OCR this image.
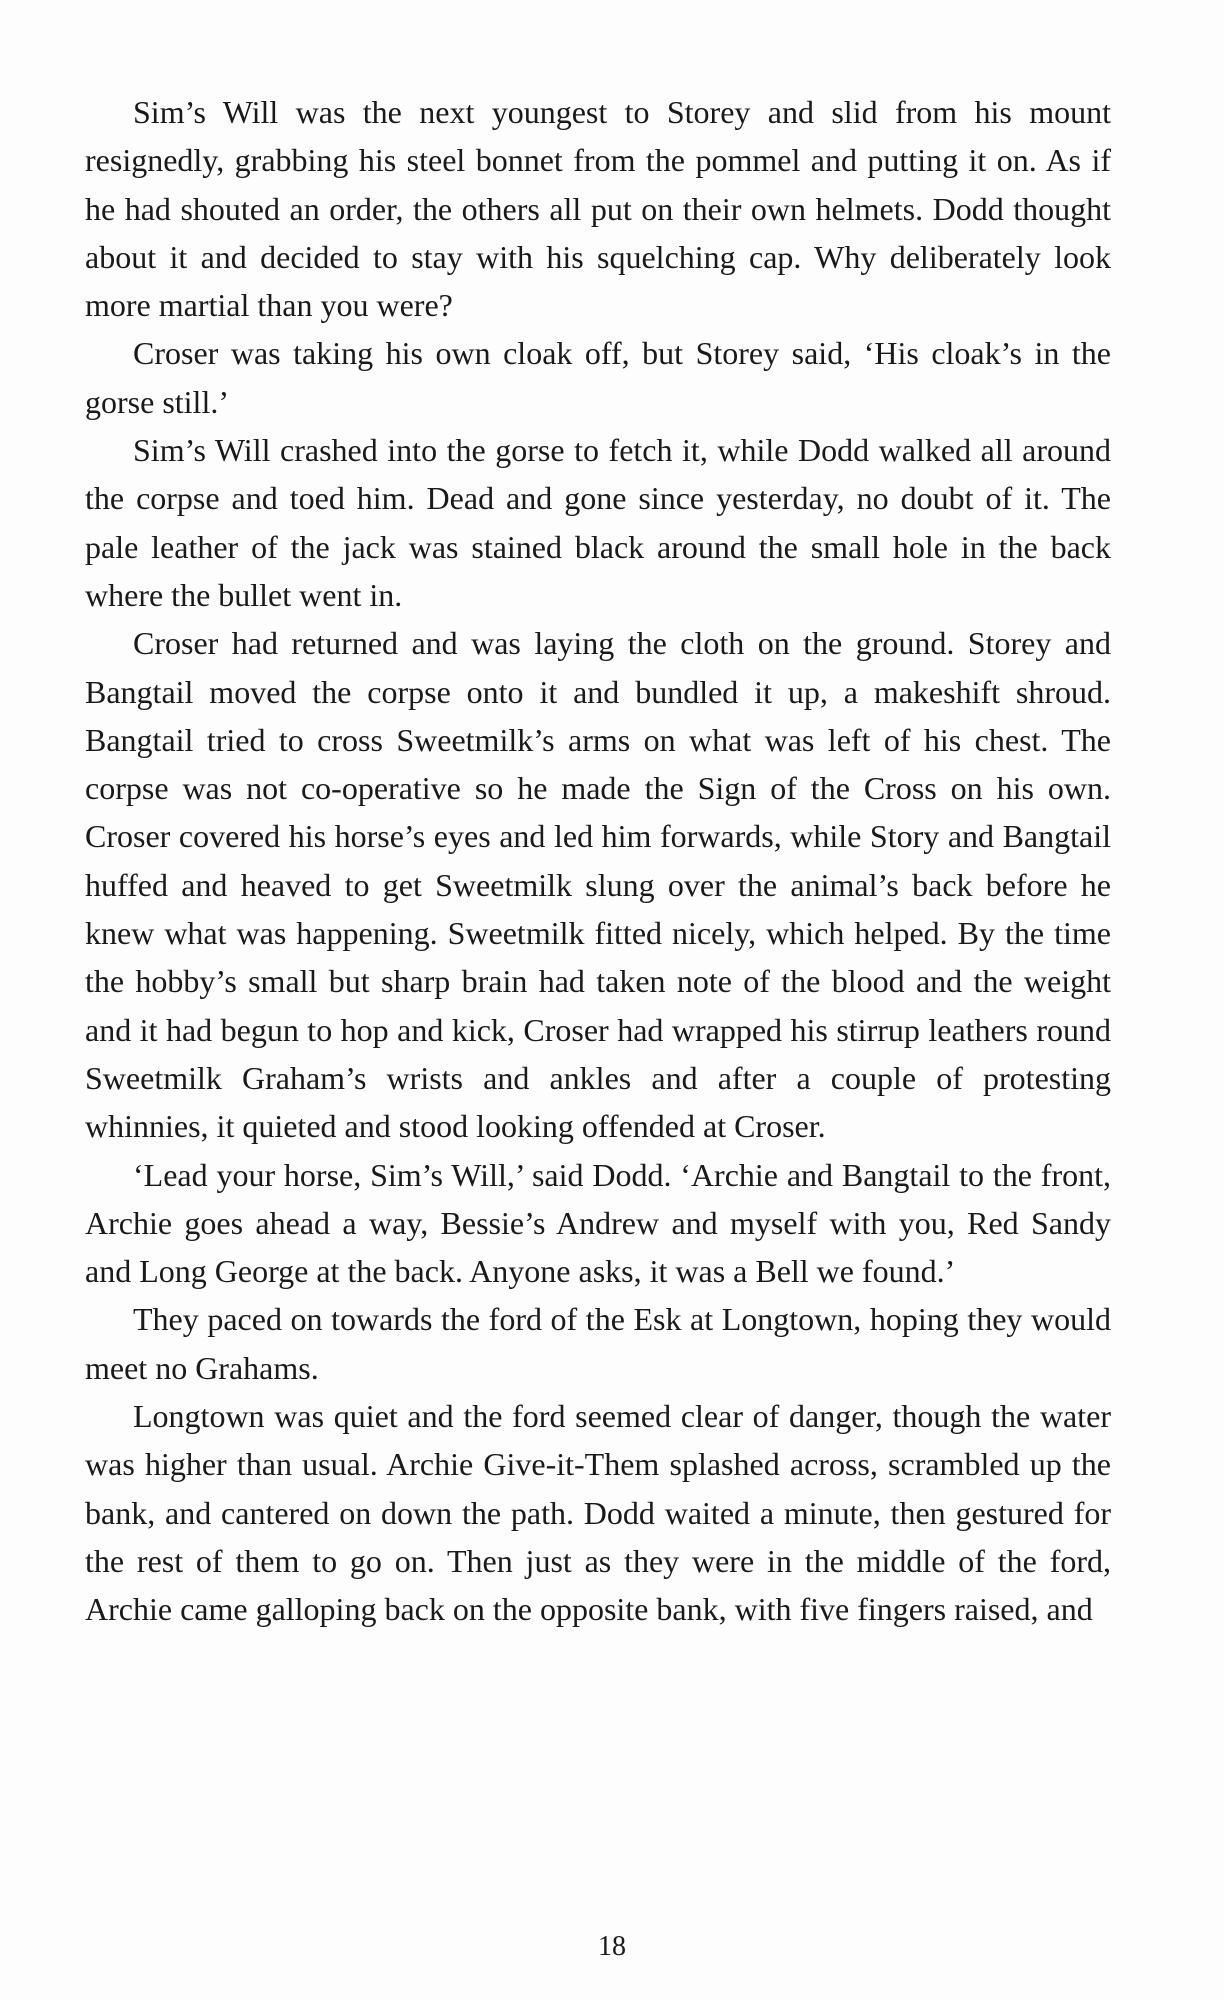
Sim’s Will was the next youngest to Storey and slid from his mount resignedly, grabbing his steel bonnet from the pommel and putting it on. As if he had shouted an order, the others all put on their own helmets. Dodd thought about it and decided to stay with his squelching cap. Why deliberately look more martial than you were?

Croser was taking his own cloak off, but Storey said, ‘His cloak’s in the gorse still.’

Sim’s Will crashed into the gorse to fetch it, while Dodd walked all around the corpse and toed him. Dead and gone since yesterday, no doubt of it. The pale leather of the jack was stained black around the small hole in the back where the bullet went in.

Croser had returned and was laying the cloth on the ground. Storey and Bangtail moved the corpse onto it and bundled it up, a makeshift shroud. Bangtail tried to cross Sweetmilk’s arms on what was left of his chest. The corpse was not co-operative so he made the Sign of the Cross on his own. Croser covered his horse’s eyes and led him forwards, while Story and Bangtail huffed and heaved to get Sweetmilk slung over the animal’s back before he knew what was happening. Sweetmilk fitted nicely, which helped. By the time the hobby’s small but sharp brain had taken note of the blood and the weight and it had begun to hop and kick, Croser had wrapped his stirrup leathers round Sweetmilk Graham’s wrists and ankles and after a couple of protesting whinnies, it quieted and stood looking offended at Croser.

‘Lead your horse, Sim’s Will,’ said Dodd. ‘Archie and Bangtail to the front, Archie goes ahead a way, Bessie’s Andrew and myself with you, Red Sandy and Long George at the back. Anyone asks, it was a Bell we found.’

They paced on towards the ford of the Esk at Longtown, hoping they would meet no Grahams.

Longtown was quiet and the ford seemed clear of danger, though the water was higher than usual. Archie Give-it-Them splashed across, scrambled up the bank, and cantered on down the path. Dodd waited a minute, then gestured for the rest of them to go on. Then just as they were in the middle of the ford, Archie came galloping back on the opposite bank, with five fingers raised, and

18
